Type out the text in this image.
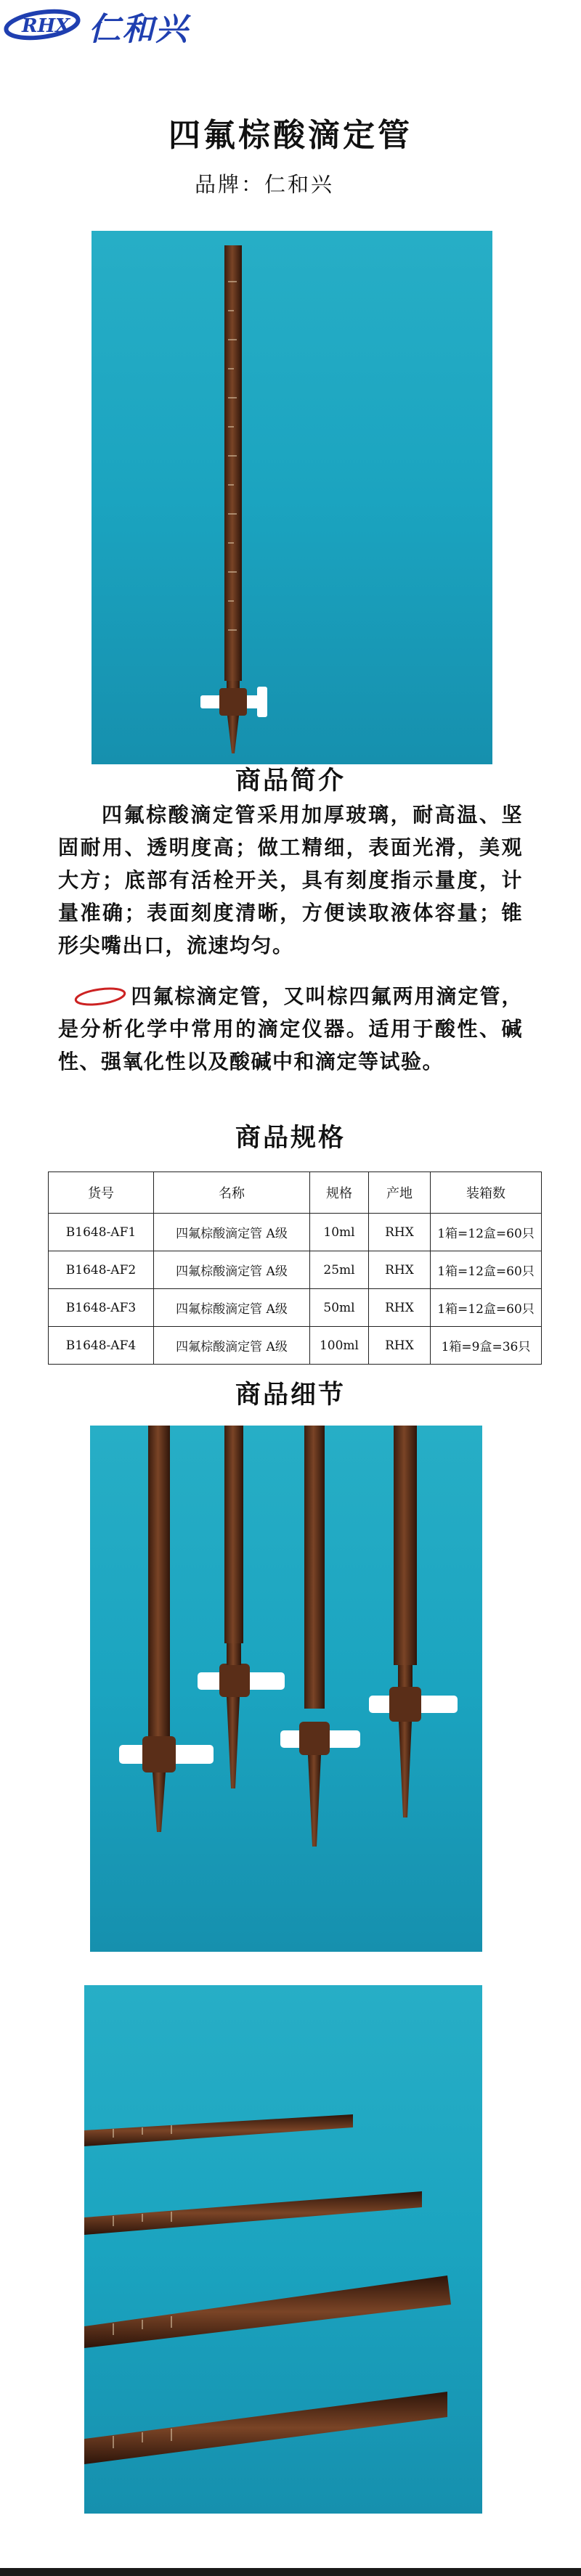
RHX 仁和兴
四氟棕酸滴定管
品牌：仁和兴
商品简介
四氟棕酸滴定管采用加厚玻璃，耐高温、坚固耐用、透明度高；做工精细，表面光滑，美观大方；底部有活栓开关，具有刻度指示量度，计量准确；表面刻度清晰，方便读取液体容量；锥形尖嘴出口，流速均匀。
四氟棕滴定管，又叫棕四氟两用滴定管，是分析化学中常用的滴定仪器。适用于酸性、碱性、强氧化性以及酸碱中和滴定等试验。
商品规格
货号	名称	规格	产地	装箱数
B1648-AF1	四氟棕酸滴定管 A级	10ml	RHX	1箱=12盒=60只
B1648-AF2	四氟棕酸滴定管 A级	25ml	RHX	1箱=12盒=60只
B1648-AF3	四氟棕酸滴定管 A级	50ml	RHX	1箱=12盒=60只
B1648-AF4	四氟棕酸滴定管 A级	100ml	RHX	1箱=9盒=36只
商品细节
